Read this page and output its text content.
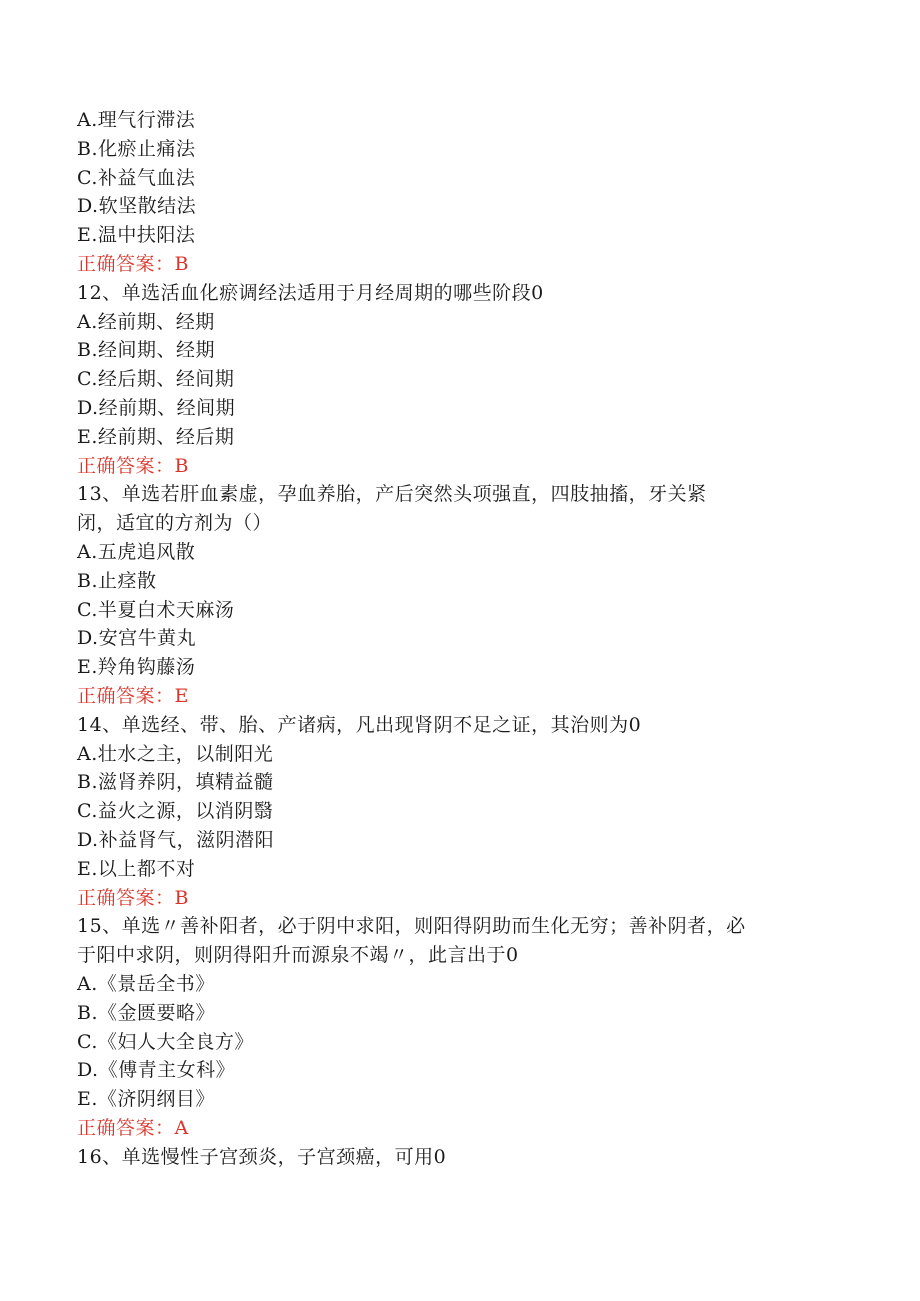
A.理气行滞法
B.化瘀止痛法
C.补益气血法
D.软坚散结法
E.温中扶阳法
正确答案：B
12、单选活血化瘀调经法适用于月经周期的哪些阶段0
A.经前期、经期
B.经间期、经期
C.经后期、经间期
D.经前期、经间期
E.经前期、经后期
正确答案：B
13、单选若肝血素虚，孕血养胎，产后突然头项强直，四肢抽搐，牙关紧
闭，适宜的方剂为（）
A.五虎追风散
B.止痉散
C.半夏白术天麻汤
D.安宫牛黄丸
E.羚角钩藤汤
正确答案：E
14、单选经、带、胎、产诸病，凡出现肾阴不足之证，其治则为0
A.壮水之主，以制阳光
B.滋肾养阴，填精益髓
C.益火之源，以消阴翳
D.补益肾气，滋阴潜阳
E.以上都不对
正确答案：B
15、单选〃善补阳者，必于阴中求阳，则阳得阴助而生化无穷；善补阴者，必
于阳中求阴，则阴得阳升而源泉不竭〃，此言出于0
A.《景岳全书》
B.《金匮要略》
C.《妇人大全良方》
D.《傅青主女科》
E.《济阴纲目》
正确答案：A
16、单选慢性子宫颈炎，子宫颈癌，可用0
